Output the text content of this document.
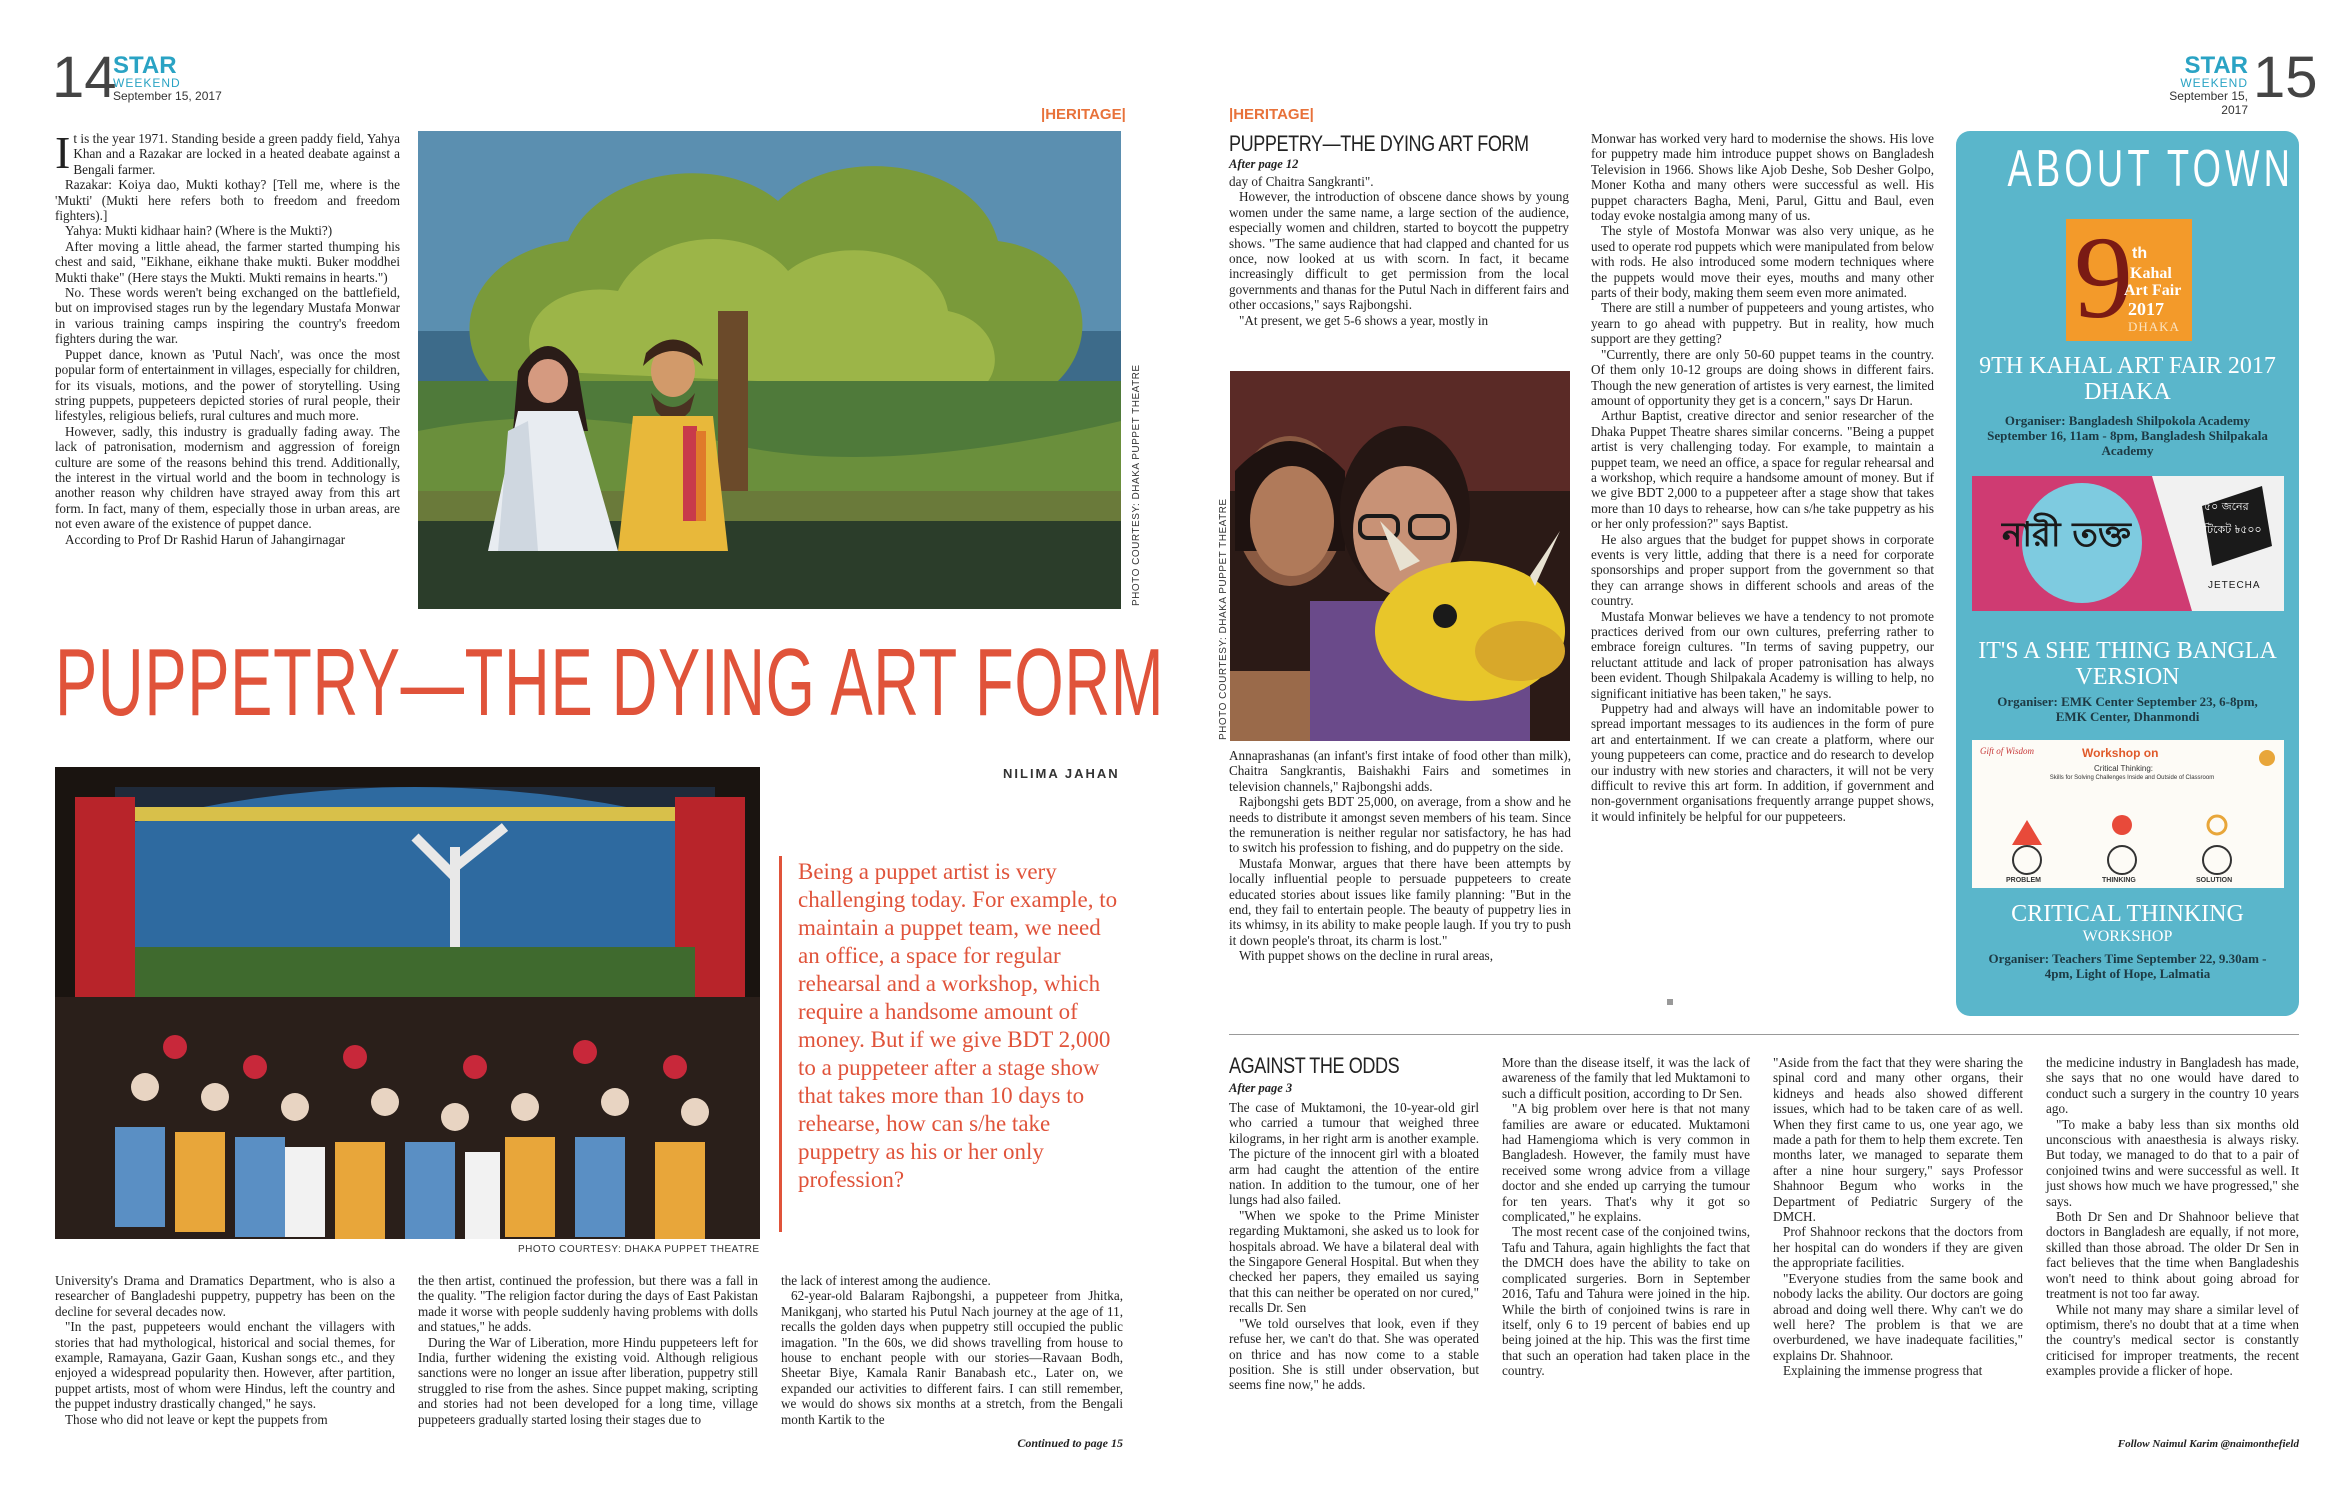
14
STAR
WEEKEND
September 15, 2017
|HERITAGE|

It is the year 1971. Standing beside a green paddy field, Yahya Khan and a Razakar are locked in a heated deabate against a Bengali farmer.

Razakar: Koiya dao, Mukti kothay? [Tell me, where is the 'Mukti' (Mukti here refers both to freedom and freedom fighters).]

Yahya: Mukti kidhaar hain? (Where is the Mukti?)

After moving a little ahead, the farmer started thumping his chest and said, "Eikhane, eikhane thake mukti. Buker moddhei Mukti thake" (Here stays the Mukti. Mukti remains in hearts.")

No. These words weren't being exchanged on the battlefield, but on improvised stages run by the legendary Mustafa Monwar in various training camps inspiring the country's freedom fighters during the war.

Puppet dance, known as 'Putul Nach', was once the most popular form of entertainment in villages, especially for children, for its visuals, motions, and the power of storytelling. Using string puppets, puppeteers depicted stories of rural people, their lifestyles, religious beliefs, rural cultures and much more.

However, sadly, this industry is gradually fading away. The lack of patronisation, modernism and aggression of foreign culture are some of the reasons behind this trend. Additionally, the interest in the virtual world and the boom in technology is another reason why children have strayed away from this art form. In fact, many of them, especially those in urban areas, are not even aware of the existence of puppet dance.

According to Prof Dr Rashid Harun of Jahangirnagar	PHOTO COURTESY: DHAKA PUPPET THEATRE
PUPPETRY—THE DYING ART FORM
NILIMA JAHAN
PHOTO COURTESY: DHAKA PUPPET THEATRE
Being a puppet artist is very challenging today. For example, to maintain a puppet team, we need an office, a space for regular rehearsal and a workshop, which require a handsome amount of money. But if we give BDT 2,000 to a puppeteer after a stage show that takes more than 10 days to rehearse, how can s/he take puppetry as his or her only profession?

University's Drama and Dramatics Department, who is also a researcher of Bangladeshi puppetry, puppetry has been on the decline for several decades now.

"In the past, puppeteers would enchant the villagers with stories that had mythological, historical and social themes, for example, Ramayana, Gazir Gaan, Kushan songs etc., and they enjoyed a widespread popularity then. However, after partition, puppet artists, most of whom were Hindus, left the country and the puppet industry drastically changed," he says.

Those who did not leave or kept the puppets from

the then artist, continued the profession, but there was a fall in the quality. "The religion factor during the days of East Pakistan made it worse with people suddenly having problems with dolls and statues," he adds.

During the War of Liberation, more Hindu puppeteers left for India, further widening the existing void. Although religious sanctions were no longer an issue after liberation, puppetry still struggled to rise from the ashes. Since puppet making, scripting and stories had not been developed for a long time, village puppeteers gradually started losing their stages due to

the lack of interest among the audience.

62-year-old Balaram Rajbongshi, a puppeteer from Jhitka, Manikganj, who started his Putul Nach journey at the age of 11, recalls the golden days when puppetry still occupied the public imagation. "In the 60s, we did shows travelling from house to house to enchant people with our stories—Ravaan Bodh, Sheetar Biye, Kamala Ranir Banabash etc., Later on, we expanded our activities to different fairs. I can still remember, we would do shows six months at a stretch, from the Bengali month Kartik to the

Continued to page 15
STAR
WEEKEND
September 15, 2017 15
|HERITAGE|
PUPPETRY—THE DYING ART FORM
After page 12

day of Chaitra Sangkranti".

However, the introduction of obscene dance shows by young women under the same name, a large section of the audience, especially women and children, started to boycott the puppetry shows. "The same audience that had clapped and chanted for us once, now looked at us with scorn. In fact, it became increasingly difficult to get permission from the local governments and thanas for the Putul Nach in different fairs and other occasions," says Rajbongshi.

"At present, we get 5-6 shows a year, mostly in

PHOTO COURTESY: DHAKA PUPPET THEATRE

Annaprashanas (an infant's first intake of food other than milk), Chaitra Sangkrantis, Baishakhi Fairs and sometimes in television channels," Rajbongshi adds.

Rajbongshi gets BDT 25,000, on average, from a show and he needs to distribute it amongst seven members of his team. Since the remuneration is neither regular nor satisfactory, he has had to switch his profession to fishing, and do puppetry on the side.

Mustafa Monwar, argues that there have been attempts by locally influential people to persuade puppeteers to create educated stories about issues like family planning: "But in the end, they fail to entertain people. The beauty of puppetry lies in its whimsy, in its ability to make people laugh. If you try to push it down people's throat, its charm is lost."

With puppet shows on the decline in rural areas,

Monwar has worked very hard to modernise the shows. His love for puppetry made him introduce puppet shows on Bangladesh Television in 1966. Shows like Ajob Deshe, Sob Desher Golpo, Moner Kotha and many others were successful as well. His puppet characters Bagha, Meni, Parul, Gittu and Baul, even today evoke nostalgia among many of us.

The style of Mostofa Monwar was also very unique, as he used to operate rod puppets which were manipulated from below with rods. He also introduced some modern techniques where the puppets would move their eyes, mouths and many other parts of their body, making them seem even more animated.

There are still a number of puppeteers and young artistes, who yearn to go ahead with puppetry. But in reality, how much support are they getting?

"Currently, there are only 50-60 puppet teams in the country. Of them only 10-12 groups are doing shows in different fairs. Though the new generation of artistes is very earnest, the limited amount of opportunity they get is a concern," says Dr Harun.

Arthur Baptist, creative director and senior researcher of the Dhaka Puppet Theatre shares similar concerns. "Being a puppet artist is very challenging today. For example, to maintain a puppet team, we need an office, a space for regular rehearsal and a workshop, which require a handsome amount of money. But if we give BDT 2,000 to a puppeteer after a stage show that takes more than 10 days to rehearse, how can s/he take puppetry as his or her only profession?" says Baptist.

He also argues that the budget for puppet shows in corporate events is very little, adding that there is a need for corporate sponsorships and proper support from the government so that they can arrange shows in different schools and areas of the country.

Mustafa Monwar believes we have a tendency to not promote practices derived from our own cultures, preferring rather to embrace foreign cultures. "In terms of saving puppetry, our reluctant attitude and lack of proper patronisation has always been evident. Though Shilpakala Academy is willing to help, no significant initiative has been taken," he says.

Puppetry had and always will have an indomitable power to spread important messages to its audiences in the form of pure art and entertainment. If we can create a platform, where our young puppeteers can come, practice and do research to develop our industry with new stories and characters, it will not be very difficult to revive this art form. In addition, if government and non-government organisations frequently arrange puppet shows, it would infinitely be helpful for our puppeteers.

ABOUT TOWN
9 th
Kahal
Art Fair
2017
DHAKA
9TH KAHAL ART FAIR 2017 DHAKA
Organiser: Bangladesh Shilpokola Academy September 16, 11am - 8pm, Bangladesh Shilpakala Academy
নারী তক্ত
৫০ জনের
টিকেট ৳৫০০
JETECHA
IT'S A SHE THING BANGLA VERSION
Organiser: EMK Center September 23, 6-8pm, EMK Center, Dhanmondi
Gift of Wisdom	Workshop on
Critical Thinking:
Skills for Solving Challenges Inside and Outside of Classroom
PROBLEM	THINKING	SOLUTION
CRITICAL THINKING
WORKSHOP
Organiser: Teachers Time September 22, 9.30am - 4pm, Light of Hope, Lalmatia
AGAINST THE ODDS
After page 3

The case of Muktamoni, the 10-year-old girl who carried a tumour that weighed three kilograms, in her right arm is another example. The picture of the innocent girl with a bloated arm had caught the attention of the entire nation. In addition to the tumour, one of her lungs had also failed.

"When we spoke to the Prime Minister regarding Muktamoni, she asked us to look for hospitals abroad. We have a bilateral deal with the Singapore General Hospital. But when they checked her papers, they emailed us saying that this can neither be operated on nor cured," recalls Dr. Sen

"We told ourselves that look, even if they refuse her, we can't do that. She was operated on thrice and has now come to a stable position. She is still under observation, but seems fine now," he adds.

More than the disease itself, it was the lack of awareness of the family that led Muktamoni to such a difficult position, according to Dr Sen.

"A big problem over here is that not many families are aware or educated. Muktamoni had Hamengioma which is very common in Bangladesh. However, the family must have received some wrong advice from a village doctor and she ended up carrying the tumour for ten years. That's why it got so complicated," he explains.

The most recent case of the conjoined twins, Tafu and Tahura, again highlights the fact that the DMCH does have the ability to take on complicated surgeries. Born in September 2016, Tafu and Tahura were joined in the hip. While the birth of conjoined twins is rare in itself, only 6 to 19 percent of babies end up being joined at the hip. This was the first time that such an operation had taken place in the country.

"Aside from the fact that they were sharing the spinal cord and many other organs, their kidneys and heads also showed different issues, which had to be taken care of as well. When they first came to us, one year ago, we made a path for them to help them excrete. Ten months later, we managed to separate them after a nine hour surgery," says Professor Shahnoor Begum who works in the Department of Pediatric Surgery of the DMCH.

Prof Shahnoor reckons that the doctors from her hospital can do wonders if they are given the appropriate facilities.

"Everyone studies from the same book and nobody lacks the ability. Our doctors are going abroad and doing well there. Why can't we do well here? The problem is that we are overburdened, we have inadequate facilities," explains Dr. Shahnoor.

Explaining the immense progress that

the medicine industry in Bangladesh has made, she says that no one would have dared to conduct such a surgery in the country 10 years ago.

"To make a baby less than six months old unconscious with anaesthesia is always risky. But today, we managed to do that to a pair of conjoined twins and were successful as well. It just shows how much we have progressed," she says.

Both Dr Sen and Dr Shahnoor believe that doctors in Bangladesh are equally, if not more, skilled than those abroad. The older Dr Sen in fact believes that the time when Bangladeshis won't need to think about going abroad for treatment is not too far away.

While not many may share a similar level of optimism, there's no doubt that at a time when the country's medical sector is constantly criticised for improper treatments, the recent examples provide a flicker of hope.

Follow Naimul Karim @naimonthefield
